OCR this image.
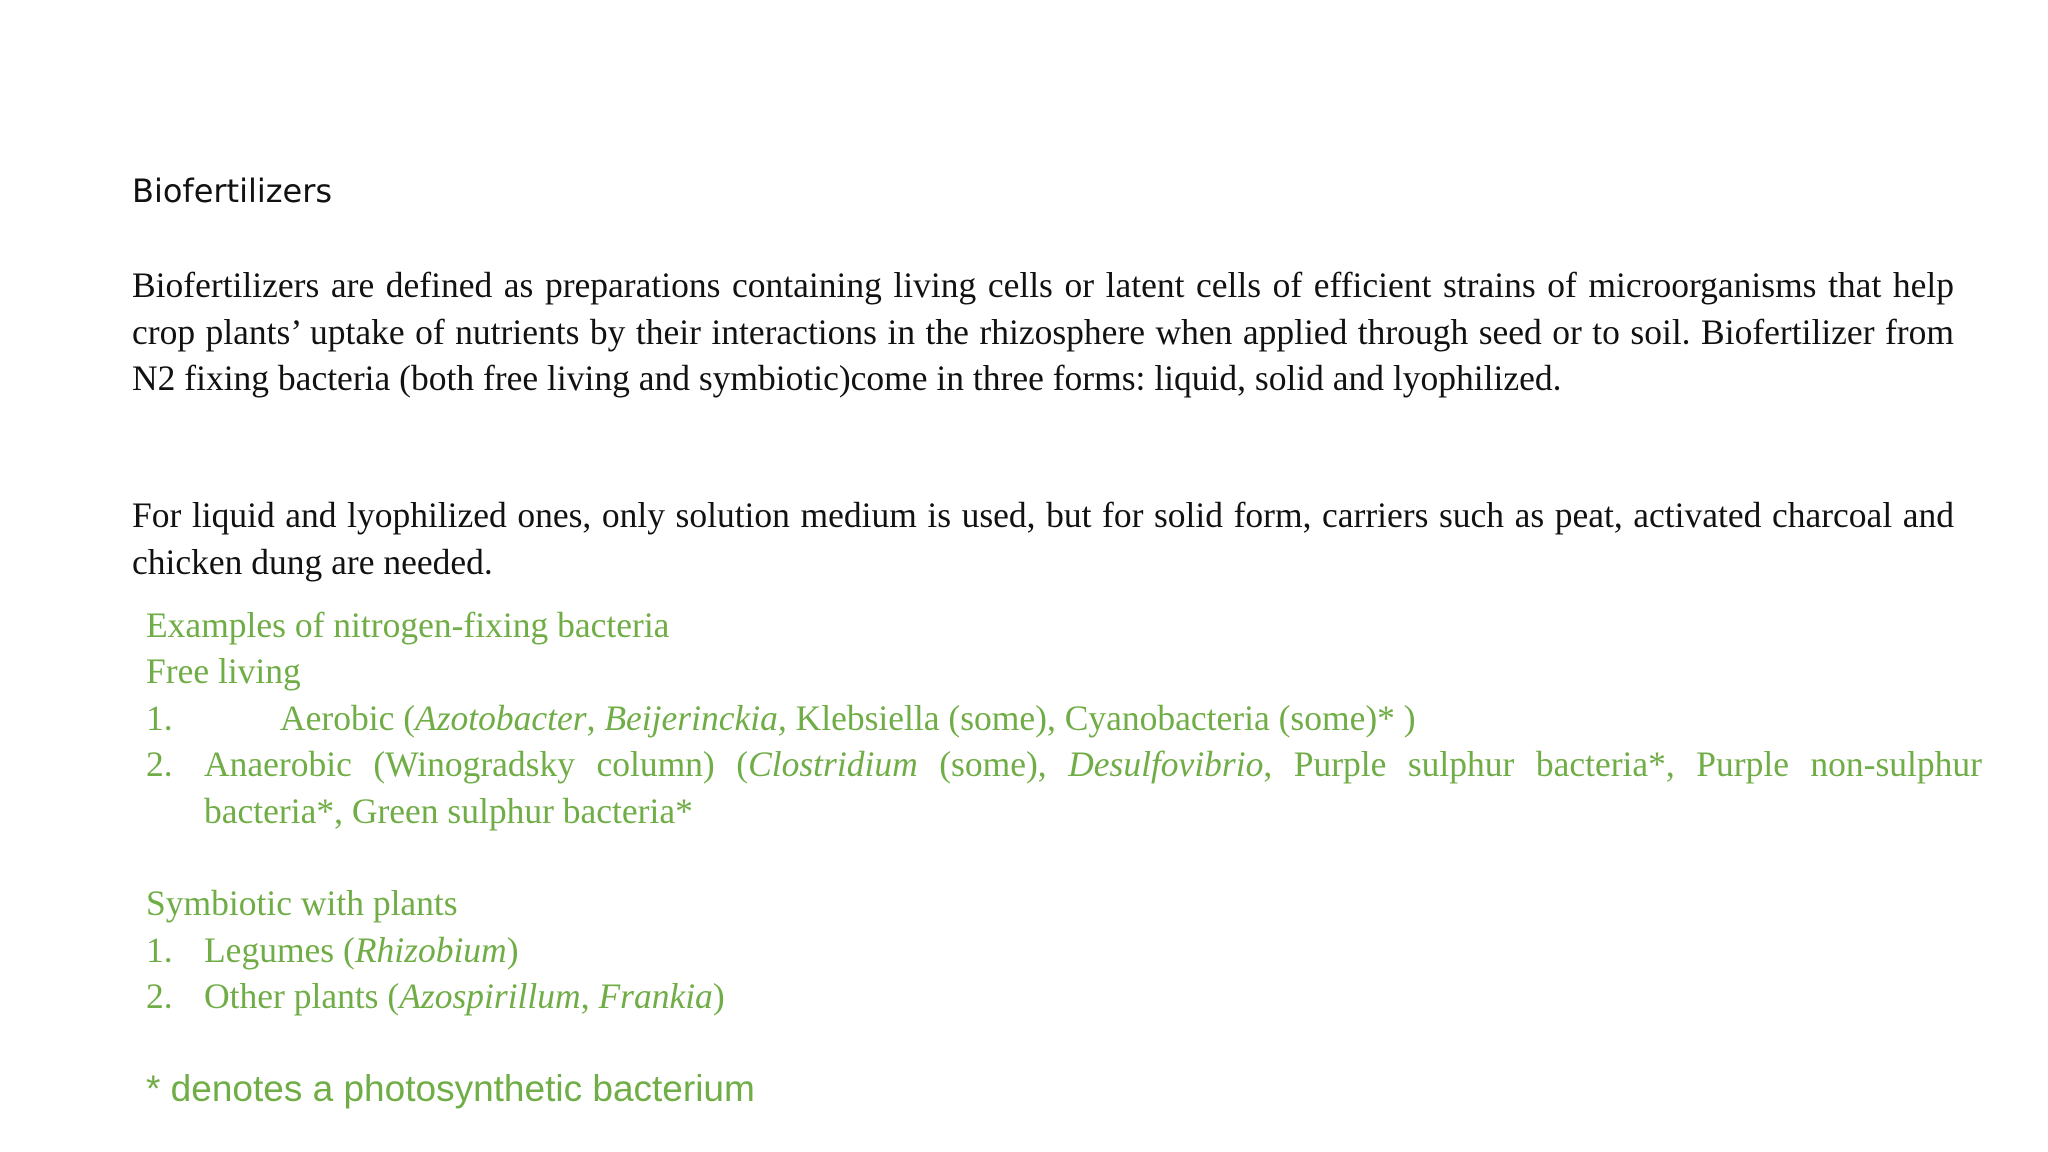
Biofertilizers

Biofertilizers are defined as preparations containing living cells or latent cells of efficient strains of microorganisms that help crop plants’ uptake of nutrients by their interactions in the rhizosphere when applied through seed or to soil. Biofertilizer from N2 fixing bacteria (both free living and symbiotic)come in three forms: liquid, solid and lyophilized.

For liquid and lyophilized ones, only solution medium is used, but for solid form, carriers such as peat, activated charcoal and chicken dung are needed.

Examples of nitrogen-fixing bacteria
Free living
1.	Aerobic (Azotobacter, Beijerinckia, Klebsiella (some), Cyanobacteria (some)* )
2. Anaerobic (Winogradsky column) (Clostridium (some), Desulfovibrio, Purple sulphur bacteria*, Purple non-sulphur bacteria*, Green sulphur bacteria*
Symbiotic with plants
1. Legumes (Rhizobium)
2. Other plants (Azospirillum, Frankia)
* denotes a photosynthetic bacterium
